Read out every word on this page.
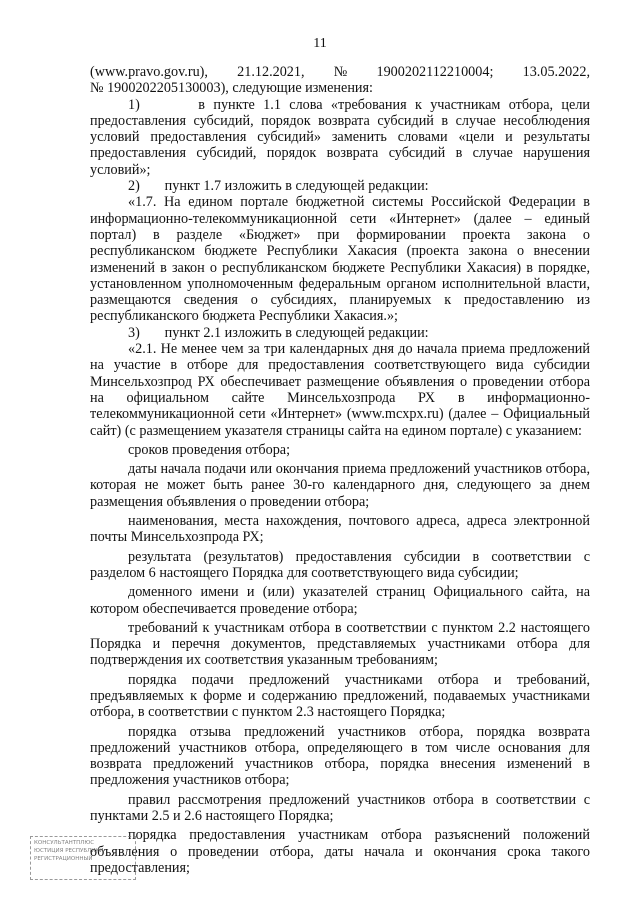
11
(www.pravo.gov.ru), 21.12.2021, № 1900202112210004; 13.05.2022,

№ 1900202205130003), следующие изменения:

1)       в пункте 1.1 слова «требования к участникам отбора, цели предоставления субсидий, порядок возврата субсидий в случае несоблюдения условий предоставления субсидий» заменить словами «цели и результаты предоставления субсидий, порядок возврата субсидий в случае нарушения условий»;

2)       пункт 1.7 изложить в следующей редакции:

«1.7. На едином портале бюджетной системы Российской Федерации в информационно-телекоммуникационной сети «Интернет» (далее – единый портал) в разделе «Бюджет» при формировании проекта закона о республиканском бюджете Республики Хакасия (проекта закона о внесении изменений в закон о республиканском бюджете Республики Хакасия) в порядке, установленном уполномоченным федеральным органом исполнительной власти, размещаются сведения о субсидиях, планируемых к предоставлению из республиканского бюджета Республики Хакасия.»;

3)       пункт 2.1 изложить в следующей редакции:

«2.1. Не менее чем за три календарных дня до начала приема предложений на участие в отборе для предоставления соответствующего вида субсидии Минсельхозпрод РХ обеспечивает размещение объявления о проведении отбора на официальном сайте Минсельхозпрода РХ в информационно-телекоммуникационной сети «Интернет» (www.mcxpx.ru) (далее – Официальный сайт) (с размещением указателя страницы сайта на едином портале) с указанием:

сроков проведения отбора;

даты начала подачи или окончания приема предложений участников отбора, которая не может быть ранее 30-го календарного дня, следующего за днем размещения объявления о проведении отбора;

наименования, места нахождения, почтового адреса, адреса электронной почты Минсельхозпрода РХ;

результата (результатов) предоставления субсидии в соответствии с разделом 6 настоящего Порядка для соответствующего вида субсидии;

доменного имени и (или) указателей страниц Официального сайта, на котором обеспечивается проведение отбора;

требований к участникам отбора в соответствии с пунктом 2.2 настоящего Порядка и перечня документов, представляемых участниками отбора для подтверждения их соответствия указанным требованиям;

порядка подачи предложений участниками отбора и требований, предъявляемых к форме и содержанию предложений, подаваемых участниками отбора, в соответствии с пунктом 2.3 настоящего Порядка;

порядка отзыва предложений участников отбора, порядка возврата предложений участников отбора, определяющего в том числе основания для возврата предложений участников отбора, порядка внесения изменений в предложения участников отбора;

правил рассмотрения предложений участников отбора в соответствии с пунктами 2.5 и 2.6 настоящего Порядка;

порядка предоставления участникам отбора разъяснений положений объявления о проведении отбора, даты начала и окончания срока такого предоставления;

КОНСУЛЬТАНТПЛЮС
ЮСТИЦИЯ РЕСПУБЛИКИ
РЕГИСТРАЦИОННЫЙ
